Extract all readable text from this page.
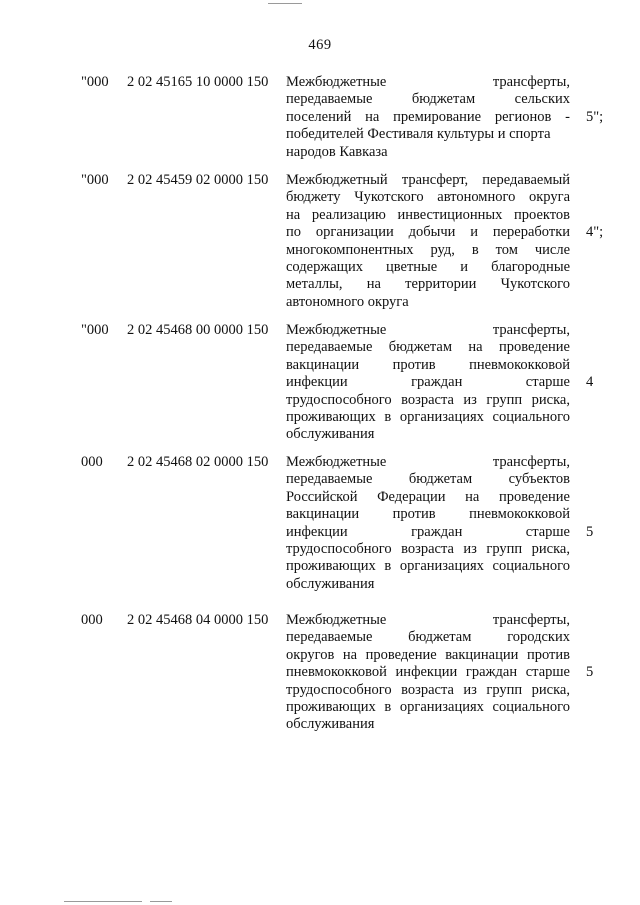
469
"000 2 02 45165 10 0000 150 Межбюджетные трансферты,
передаваемые бюджетам сельских
поселений на премирование регионов -
победителей Фестиваля культуры и спорта
народов Кавказа
5";
"000 2 02 45459 02 0000 150 Межбюджетный трансферт, передаваемый
бюджету Чукотского автономного округа
на реализацию инвестиционных проектов
по организации добычи и переработки
многокомпонентных руд, в том числе
содержащих цветные и благородные
металлы, на территории Чукотского
автономного округа
4";
"000 2 02 45468 00 0000 150 Межбюджетные трансферты,
передаваемые бюджетам на проведение
вакцинации против пневмококковой
инфекции граждан старше
трудоспособного возраста из групп риска,
проживающих в организациях социального
обслуживания
4
000 2 02 45468 02 0000 150 Межбюджетные трансферты,
передаваемые бюджетам субъектов
Российской Федерации на проведение
вакцинации против пневмококковой
инфекции граждан старше
трудоспособного возраста из групп риска,
проживающих в организациях социального
обслуживания
5
000 2 02 45468 04 0000 150 Межбюджетные трансферты,
передаваемые бюджетам городских
округов на проведение вакцинации против
пневмококковой инфекции граждан старше
трудоспособного возраста из групп риска,
проживающих в организациях социального
обслуживания
5
